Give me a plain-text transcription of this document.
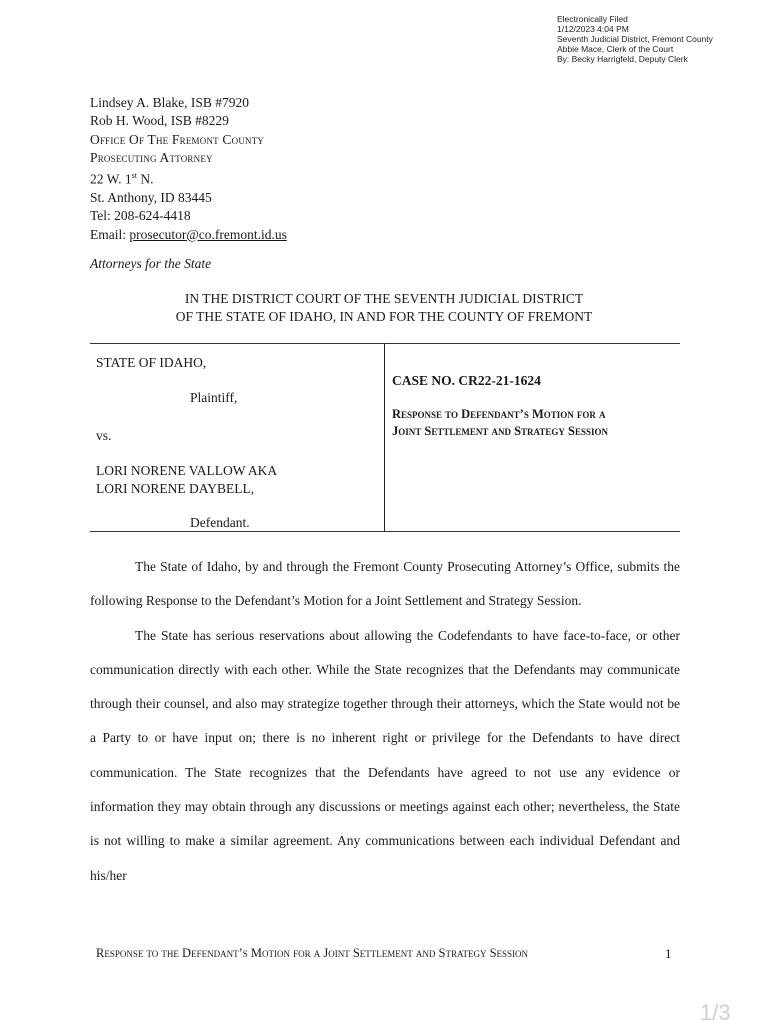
Electronically Filed
1/12/2023 4:04 PM
Seventh Judicial District, Fremont County
Abbie Mace, Clerk of the Court
By: Becky Harrigfeld, Deputy Clerk
Lindsey A. Blake, ISB #7920
Rob H. Wood, ISB #8229
Office Of The Fremont County
Prosecuting Attorney
22 W. 1st N.
St. Anthony, ID 83445
Tel: 208-624-4418
Email: prosecutor@co.fremont.id.us
Attorneys for the State
IN THE DISTRICT COURT OF THE SEVENTH JUDICIAL DISTRICT
OF THE STATE OF IDAHO, IN AND FOR THE COUNTY OF FREMONT
STATE OF IDAHO,
Plaintiff,
vs.
LORI NORENE VALLOW AKA
LORI NORENE DAYBELL,
Defendant.
CASE NO. CR22-21-1624
Response to Defendant’s Motion for a
Joint Settlement and Strategy Session

The State of Idaho, by and through the Fremont County Prosecuting Attorney’s Office, submits the following Response to the Defendant’s Motion for a Joint Settlement and Strategy Session.

The State has serious reservations about allowing the Codefendants to have face-to-face, or other communication directly with each other. While the State recognizes that the Defendants may communicate through their counsel, and also may strategize together through their attorneys, which the State would not be a Party to or have input on; there is no inherent right or privilege for the Defendants to have direct communication. The State recognizes that the Defendants have agreed to not use any evidence or information they may obtain through any discussions or meetings against each other; nevertheless, the State is not willing to make a similar agreement. Any communications between each individual Defendant and his/her

Response to the Defendant’s Motion for a Joint Settlement and Strategy Session	1
1/3
